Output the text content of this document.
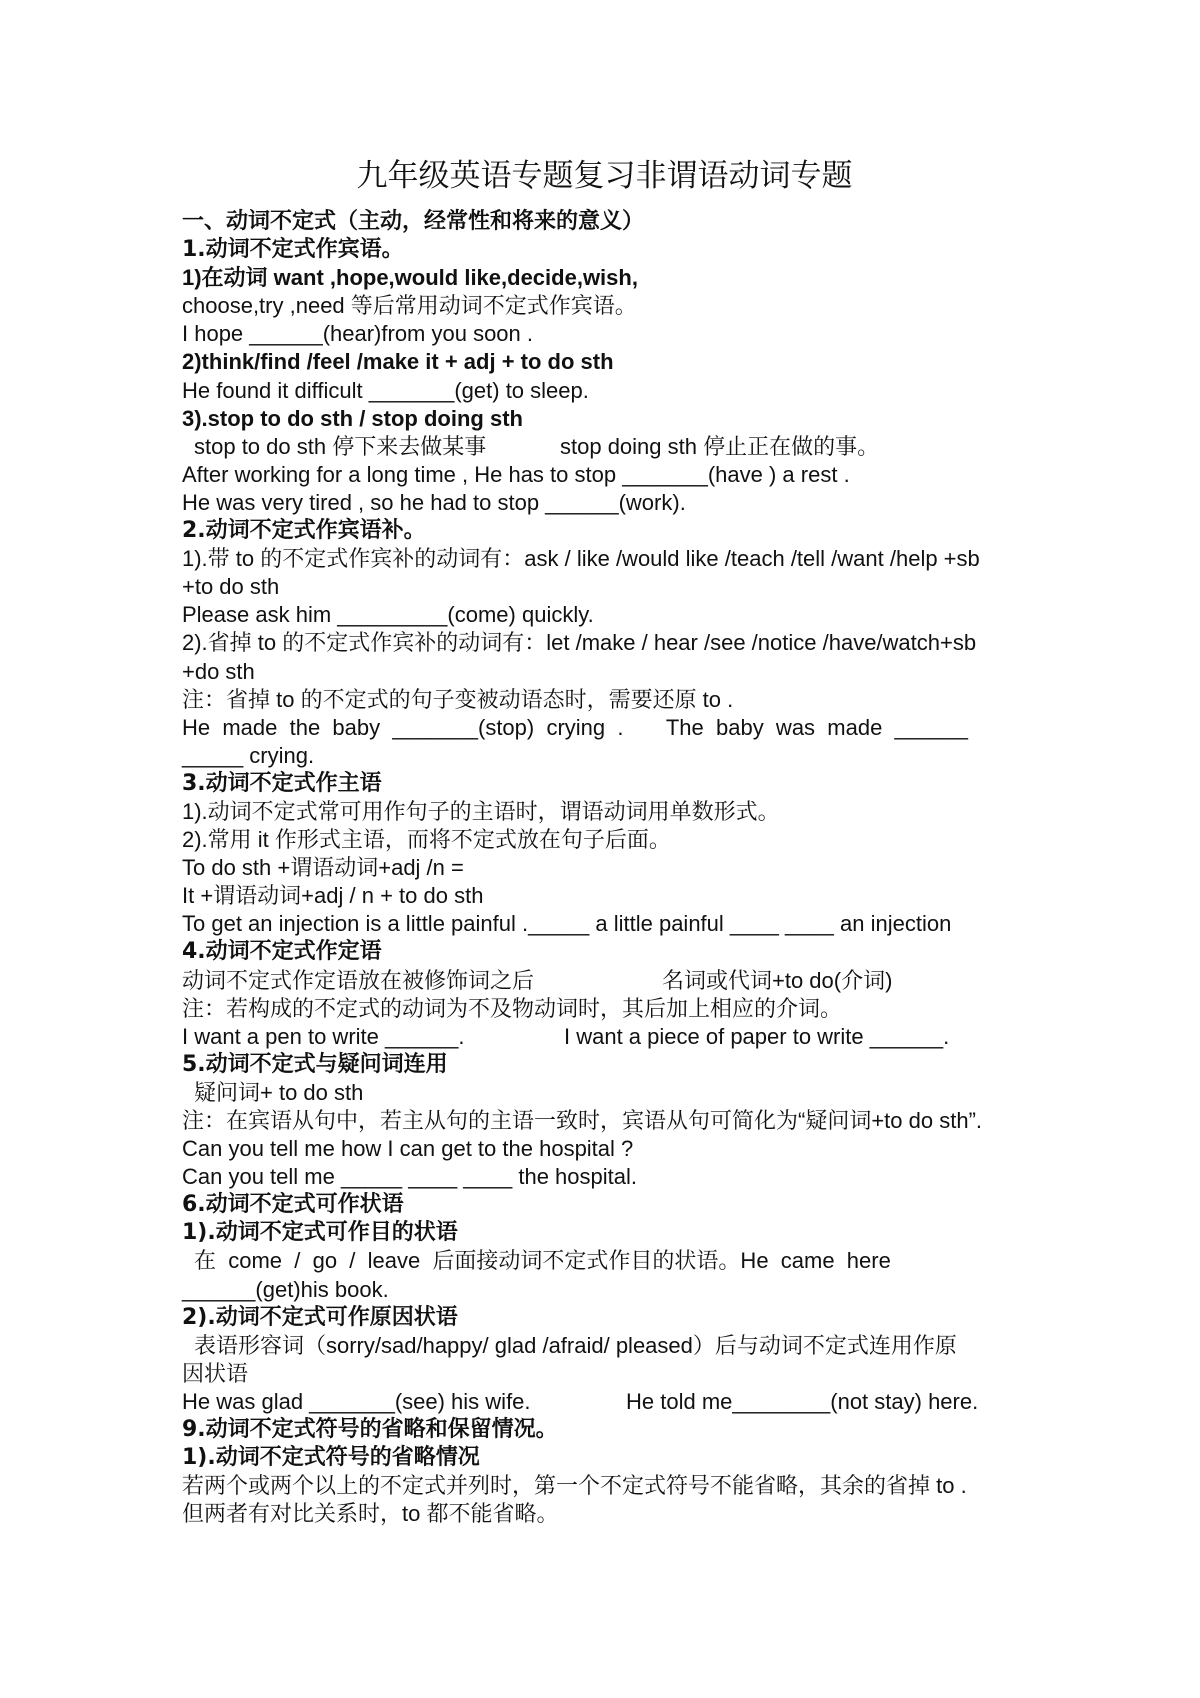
九年级英语专题复习非谓语动词专题
一、动词不定式（主动，经常性和将来的意义）
1.动词不定式作宾语。
1)在动词 want ,hope,would like,decide,wish,
choose,try ,need 等后常用动词不定式作宾语。
I hope ______(hear)from you soon .
2)think/find /feel /make it + adj + to do sth
He found it difficult _______(get) to sleep.
3).stop to do sth / stop doing sth
stop to do sth 停下来去做某事	stop doing sth 停止正在做的事。
After working for a long time , He has to stop _______(have ) a rest .
He was very tired , so he had to stop ______(work).
2.动词不定式作宾语补。
1).带 to 的不定式作宾补的动词有：ask / like /would like /teach /tell /want /help +sb
+to do sth
Please ask him _________(come) quickly.
2).省掉 to 的不定式作宾补的动词有：let /make / hear /see /notice /have/watch+sb
+do sth
注：省掉 to 的不定式的句子变被动语态时，需要还原 to .
He  made  the  baby  _______(stop)  crying  .       The  baby  was  made  ______
_____ crying.
3.动词不定式作主语
1).动词不定式常可用作句子的主语时，谓语动词用单数形式。
2).常用 it 作形式主语，而将不定式放在句子后面。
To do sth +谓语动词+adj /n =
It +谓语动词+adj / n + to do sth
To get an injection is a little painful ._____ a little painful ____ ____ an injection
4.动词不定式作定语
动词不定式作定语放在被修饰词之后	名词或代词+to do(介词)
注：若构成的不定式的动词为不及物动词时，其后加上相应的介词。
I want a pen to write ______.	I want a piece of paper to write ______.
5.动词不定式与疑问词连用
疑问词+ to do sth
注：在宾语从句中，若主从句的主语一致时，宾语从句可简化为“疑问词+to do sth”.
Can you tell me how I can get to the hospital ?
Can you tell me _____ ____ ____ the hospital.
6.动词不定式可作状语
1).动词不定式可作目的状语
在  come  /  go  /  leave  后面接动词不定式作目的状语。He  came  here
______(get)his book.
2).动词不定式可作原因状语
表语形容词（sorry/sad/happy/ glad /afraid/ pleased）后与动词不定式连用作原
因状语
He was glad _______(see) his wife.	He told me________(not stay) here.
9.动词不定式符号的省略和保留情况。
1).动词不定式符号的省略情况
若两个或两个以上的不定式并列时，第一个不定式符号不能省略，其余的省掉 to .
但两者有对比关系时，to 都不能省略。
